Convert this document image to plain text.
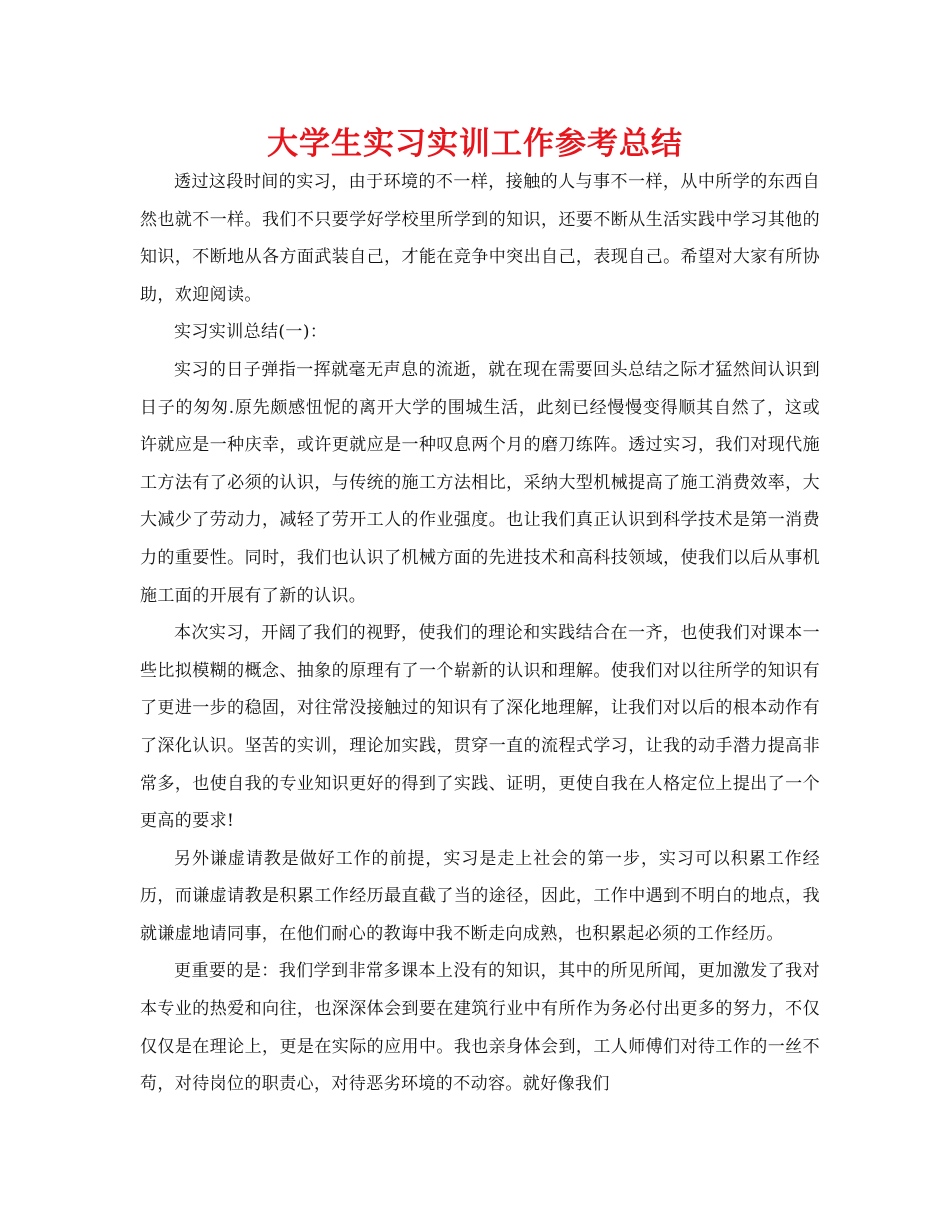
大学生实习实训工作参考总结

透过这段时间的实习，由于环境的不一样，接触的人与事不一样，从中所学的东西自然也就不一样。我们不只要学好学校里所学到的知识，还要不断从生活实践中学习其他的知识，不断地从各方面武装自己，才能在竞争中突出自己，表现自己。希望对大家有所协助，欢迎阅读。

实习实训总结(一)：

实习的日子弹指一挥就毫无声息的流逝，就在现在需要回头总结之际才猛然间认识到日子的匆匆.原先颇感忸怩的离开大学的围城生活，此刻已经慢慢变得顺其自然了，这或许就应是一种庆幸，或许更就应是一种叹息两个月的磨刀练阵。透过实习，我们对现代施工方法有了必须的认识，与传统的施工方法相比，采纳大型机械提高了施工消费效率，大大减少了劳动力，减轻了劳开工人的作业强度。也让我们真正认识到科学技术是第一消费力的重要性。同时，我们也认识了机械方面的先进技术和高科技领域，使我们以后从事机施工面的开展有了新的认识。

本次实习，开阔了我们的视野，使我们的理论和实践结合在一齐，也使我们对课本一些比拟模糊的概念、抽象的原理有了一个崭新的认识和理解。使我们对以往所学的知识有了更进一步的稳固，对往常没接触过的知识有了深化地理解，让我们对以后的根本动作有了深化认识。坚苦的实训，理论加实践，贯穿一直的流程式学习，让我的动手潜力提高非常多，也使自我的专业知识更好的得到了实践、证明，更使自我在人格定位上提出了一个更高的要求!

另外谦虚请教是做好工作的前提，实习是走上社会的第一步，实习可以积累工作经历，而谦虚请教是积累工作经历最直截了当的途径，因此，工作中遇到不明白的地点，我就谦虚地请同事，在他们耐心的教诲中我不断走向成熟，也积累起必须的工作经历。

更重要的是：我们学到非常多课本上没有的知识，其中的所见所闻，更加激发了我对本专业的热爱和向往，也深深体会到要在建筑行业中有所作为务必付出更多的努力，不仅仅仅是在理论上，更是在实际的应用中。我也亲身体会到，工人师傅们对待工作的一丝不苟，对待岗位的职责心，对待恶劣环境的不动容。就好像我们
